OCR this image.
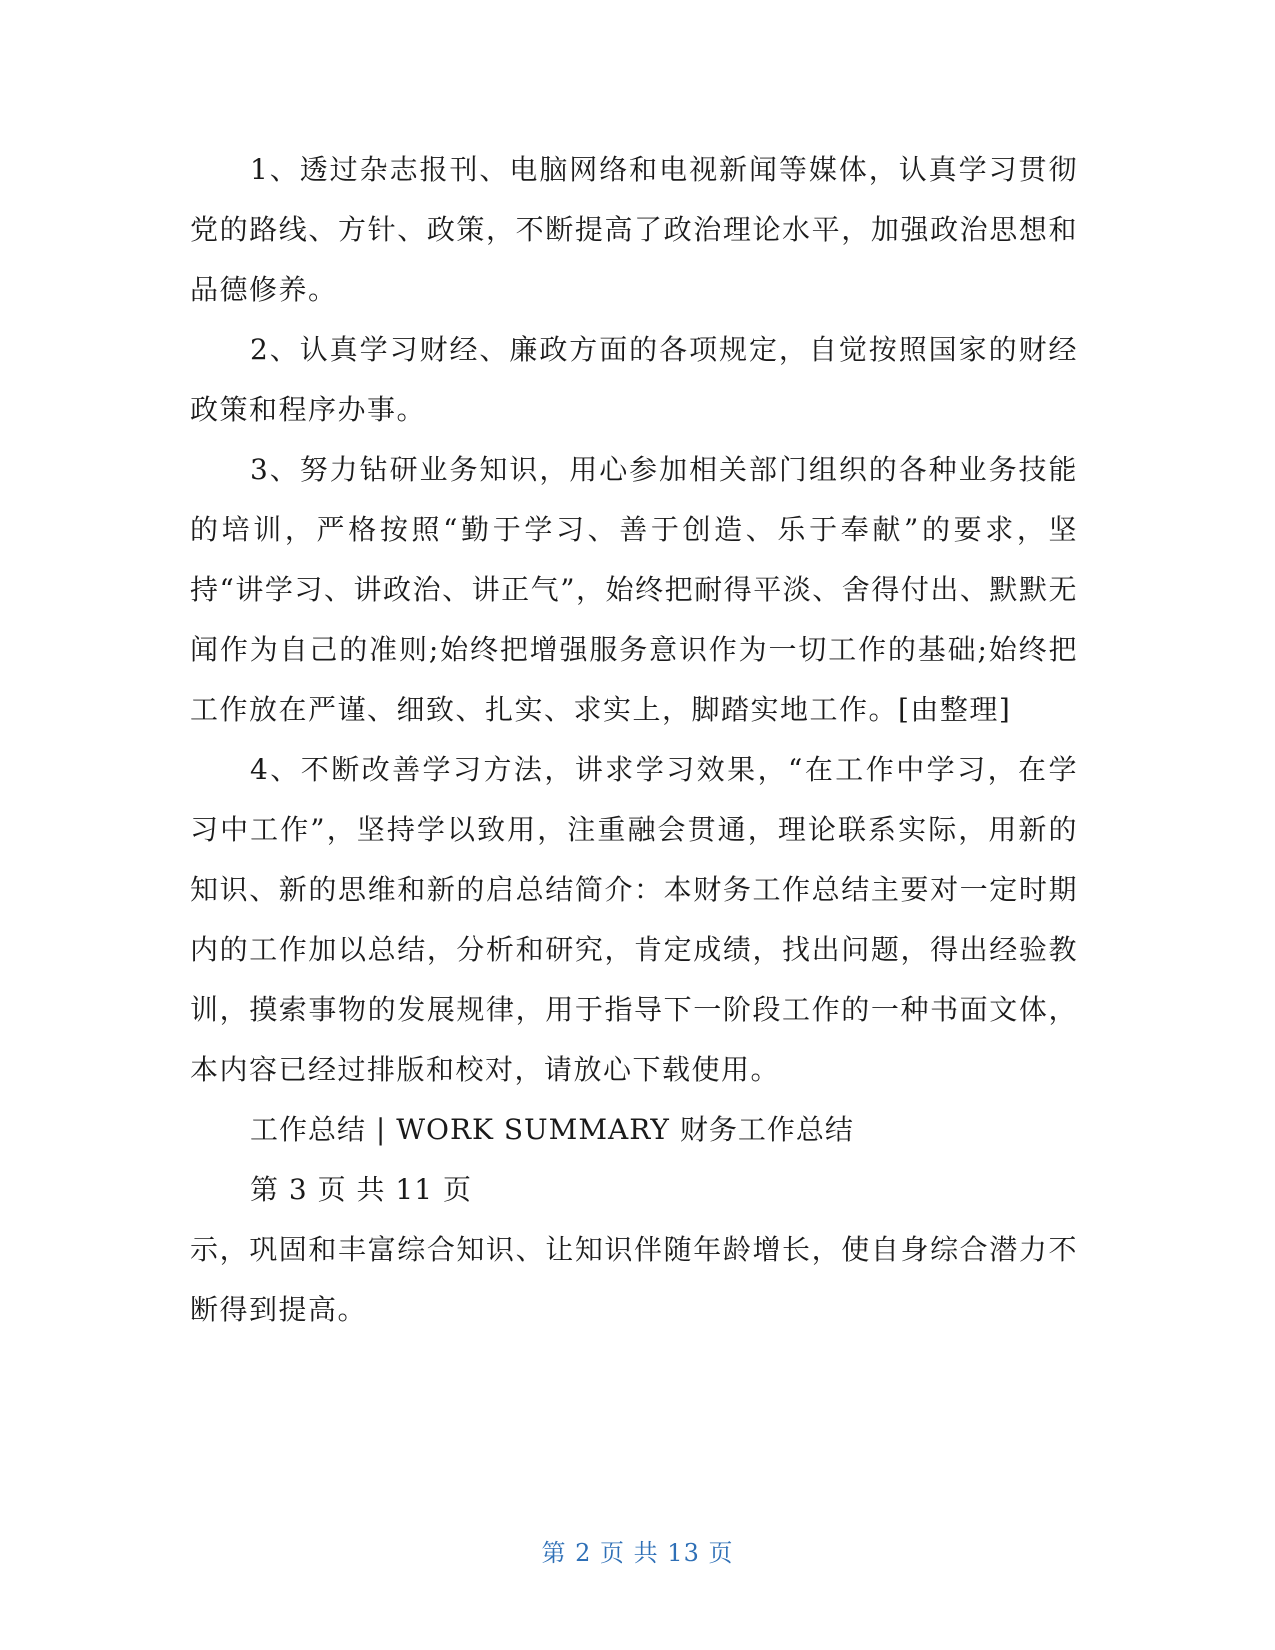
1、透过杂志报刊、电脑网络和电视新闻等媒体，认真学习贯彻党的路线、方针、政策，不断提高了政治理论水平，加强政治思想和品德修养。

2、认真学习财经、廉政方面的各项规定，自觉按照国家的财经政策和程序办事。

3、努力钻研业务知识，用心参加相关部门组织的各种业务技能的培训，严格按照“勤于学习、善于创造、乐于奉献”的要求，坚持“讲学习、讲政治、讲正气”，始终把耐得平淡、舍得付出、默默无闻作为自己的准则;始终把增强服务意识作为一切工作的基础;始终把工作放在严谨、细致、扎实、求实上，脚踏实地工作。[由整理]

4、不断改善学习方法，讲求学习效果，“在工作中学习，在学习中工作”，坚持学以致用，注重融会贯通，理论联系实际，用新的知识、新的思维和新的启总结简介：本财务工作总结主要对一定时期内的工作加以总结，分析和研究，肯定成绩，找出问题，得出经验教训，摸索事物的发展规律，用于指导下一阶段工作的一种书面文体，本内容已经过排版和校对，请放心下载使用。

工作总结 | WORK SUMMARY 财务工作总结

第 3 页 共 11 页

示，巩固和丰富综合知识、让知识伴随年龄增长，使自身综合潜力不断得到提高。

第 2 页 共 13 页
